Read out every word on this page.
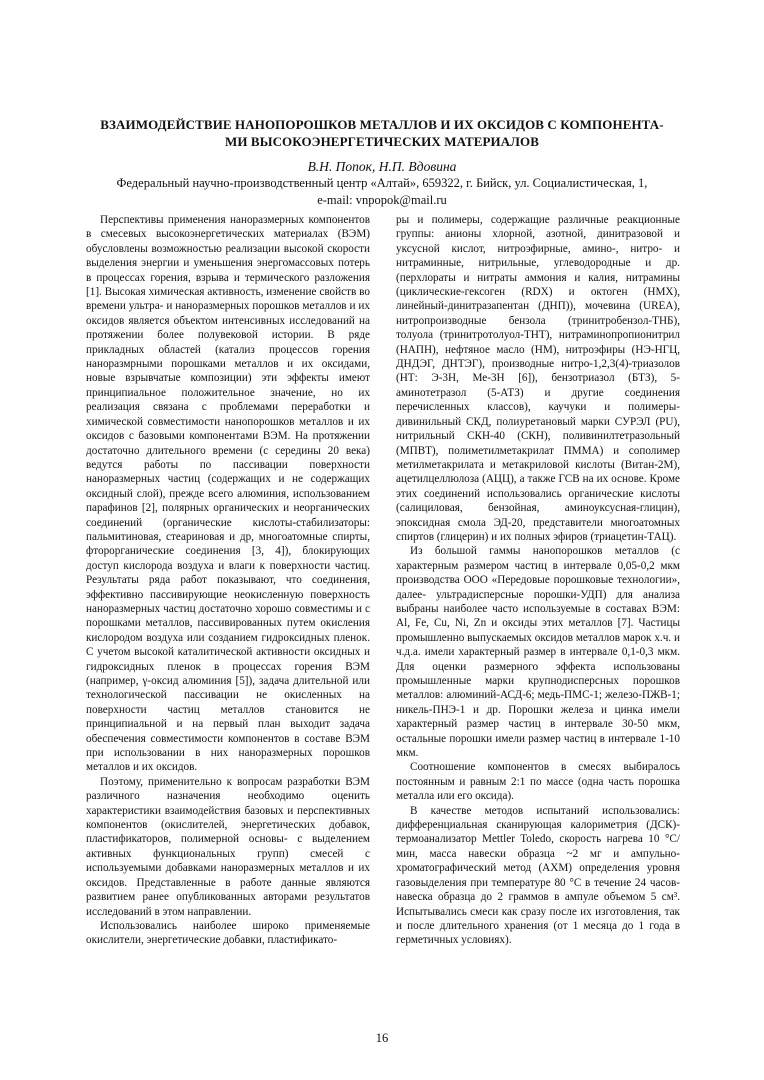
ВЗАИМОДЕЙСТВИЕ НАНОПОРОШКОВ МЕТАЛЛОВ И ИХ ОКСИДОВ С КОМПОНЕНТА-
МИ ВЫСОКОЭНЕРГЕТИЧЕСКИХ МАТЕРИАЛОВ
В.Н. Попок, Н.П. Вдовина
Федеральный научно-производственный центр «Алтай», 659322, г. Бийск, ул. Социалистическая, 1,
e-mail: vnpopok@mail.ru

Перспективы применения наноразмерных компонентов в смесевых высокоэнергетических материалах (ВЭМ) обусловлены возможностью реализации высокой скорости выделения энергии и уменьшения энергомассовых потерь в процессах горения, взрыва и термического разложения [1]. Высокая химическая активность, изменение свойств во времени ультра- и наноразмерных порошков металлов и их оксидов является объектом интенсивных исследований на протяжении более полувековой истории. В ряде прикладных областей (катализ процессов горения наноразмрными порошками металлов и их оксидами, новые взрывчатые композиции) эти эффекты имеют принципиальное положительное значение, но их реализация связана с проблемами переработки и химической совместимости нанопорошков металлов и их оксидов с базовыми компонентами ВЭМ. На протяжении достаточно длительного времени (с середины 20 века) ведутся работы по пассивации поверхности наноразмерных частиц (содержащих и не содержащих оксидный слой), прежде всего алюминия, использованием парафинов [2], полярных органических и неорганических соединений (органические кислоты-стабилизаторы: пальмитиновая, стеариновая и др, многоатомные спирты, фторорганические соединения [3, 4]), блокирующих доступ кислорода воздуха и влаги к поверхности частиц. Результаты ряда работ показывают, что соединения, эффективно пассивирующие неокисленную поверхность наноразмерных частиц достаточно хорошо совместимы и с порошками металлов, пассивированных путем окисления кислородом воздуха или созданием гидроксидных пленок. С учетом высокой каталитической активности оксидных и гидроксидных пленок в процессах горения ВЭМ (например, γ-оксид алюминия [5]), задача длительной или технологической пассивации не окисленных на поверхности частиц металлов становится не принципиальной и на первый план выходит задача обеспечения совместимости компонентов в составе ВЭМ при использовании в них наноразмерных порошков металлов и их оксидов.

Поэтому, применительно к вопросам разработки ВЭМ различного назначения необходимо оценить характеристики взаимодействия базовых и перспективных компонентов (окислителей, энергетических добавок, пластификаторов, полимерной основы- с выделением активных функциональных групп) смесей с используемыми добавками наноразмерных металлов и их оксидов. Представленные в работе данные являются развитием ранее опубликованных авторами результатов исследований в этом направлении.

Использовались наиболее широко применяемые окислители, энергетические добавки, пластификато-

ры и полимеры, содержащие различные реакционные группы: анионы хлорной, азотной, динитразовой и уксусной кислот, нитроэфирные, амино-, нитро- и нитраминные, нитрильные, углеводородные и др.(перхлораты и нитраты аммония и калия, нитрамины (циклические-гексоген (RDX) и октоген (HMX), линейный-динитразапентан (ДНП)), мочевина (UREA), нитропроизводные бензола (тринитробензол-ТНБ), толуола (тринитротолуол-ТНТ), нитраминопропионитрил (НАПН), нефтяное масло (НМ), нитроэфиры (НЭ-НГЦ, ДНДЭГ, ДНТЭГ), производные нитро-1,2,3(4)-триазолов (НТ: Э-3Н, Ме-3Н [6]), бензотриазол (БТЗ), 5-аминотетразол (5-АТЗ) и другие соединения перечисленных классов), каучуки и полимеры- дивинильный СКД, полиуретановый марки СУРЭЛ (PU), нитрильный СКН-40 (СКН), поливинилтетразольный (МПВТ), полиметилметакрилат ПММА) и сополимер метилметакрилата и метакриловой кислоты (Витан-2М), ацетилцеллюлоза (АЦЦ), а также ГСВ на их основе. Кроме этих соединений использовались органические кислоты (салициловая, бензойная, аминоуксусная-глицин), эпоксидная смола ЭД-20, представители многоатомных спиртов (глицерин) и их полных эфиров (триацетин-ТАЦ).

Из большой гаммы нанопорошков металлов (с характерным размером частиц в интервале 0,05-0,2 мкм производства ООО «Передовые порошковые технологии», далее- ультрадисперсные порошки-УДП) для анализа выбраны наиболее часто используемые в составах ВЭМ: Al, Fe, Cu, Ni, Zn и оксиды этих металлов [7]. Частицы промышленно выпускаемых оксидов металлов марок х.ч. и ч.д.а. имели характерный размер в интервале 0,1-0,3 мкм. Для оценки размерного эффекта использованы промышленные марки крупнодисперсных порошков металлов: алюминий-АСД-6; медь-ПМС-1; железо-ПЖВ-1; никель-ПНЭ-1 и др. Порошки железа и цинка имели характерный размер частиц в интервале 30-50 мкм, остальные порошки имели размер частиц в интервале 1-10 мкм.

Соотношение компонентов в смесях выбиралось постоянным и равным 2:1 по массе (одна часть порошка металла или его оксида).

В качестве методов испытаний использовались: дифференциальная сканирующая калориметрия (ДСК)- термоанализатор Mettler Toledo, скорость нагрева 10 °С/мин, масса навески образца ~2 мг и ампульно-хроматографический метод (АХМ) определения уровня газовыделения при температуре 80 °С в течение 24 часов- навеска образца до 2 граммов в ампуле объемом 5 см³. Испытывались смеси как сразу после их изготовления, так и после длительного хранения (от 1 месяца до 1 года в герметичных условиях).

16
